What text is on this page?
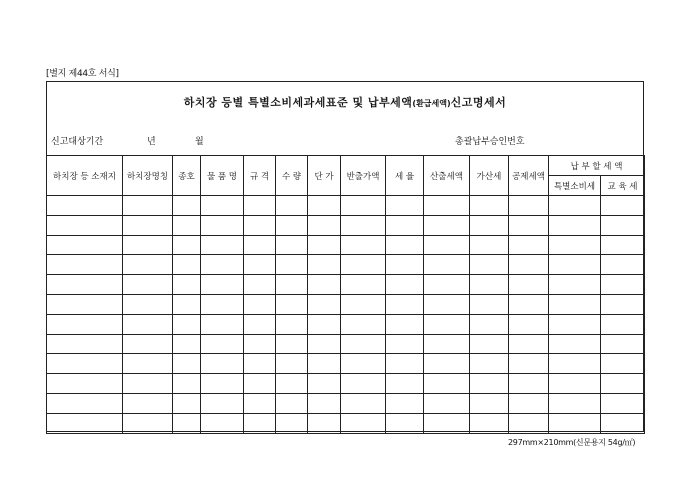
[별지 제44호 서식]
하치장 등별 특별소비세과세표준 및 납부세액(환급세액)신고명세서
신고대상기간	년	월	총괄납부승인번호
하치장 등 소재지	하치장명칭	종호	물 품 명	규 격	수 량	단 가	반출가액	세 율	산출세액	가산세	공제세액	납 부 할 세 액	
												특별소비세	교 육 세

297mm×210mm(신문용지 54g/㎡)
